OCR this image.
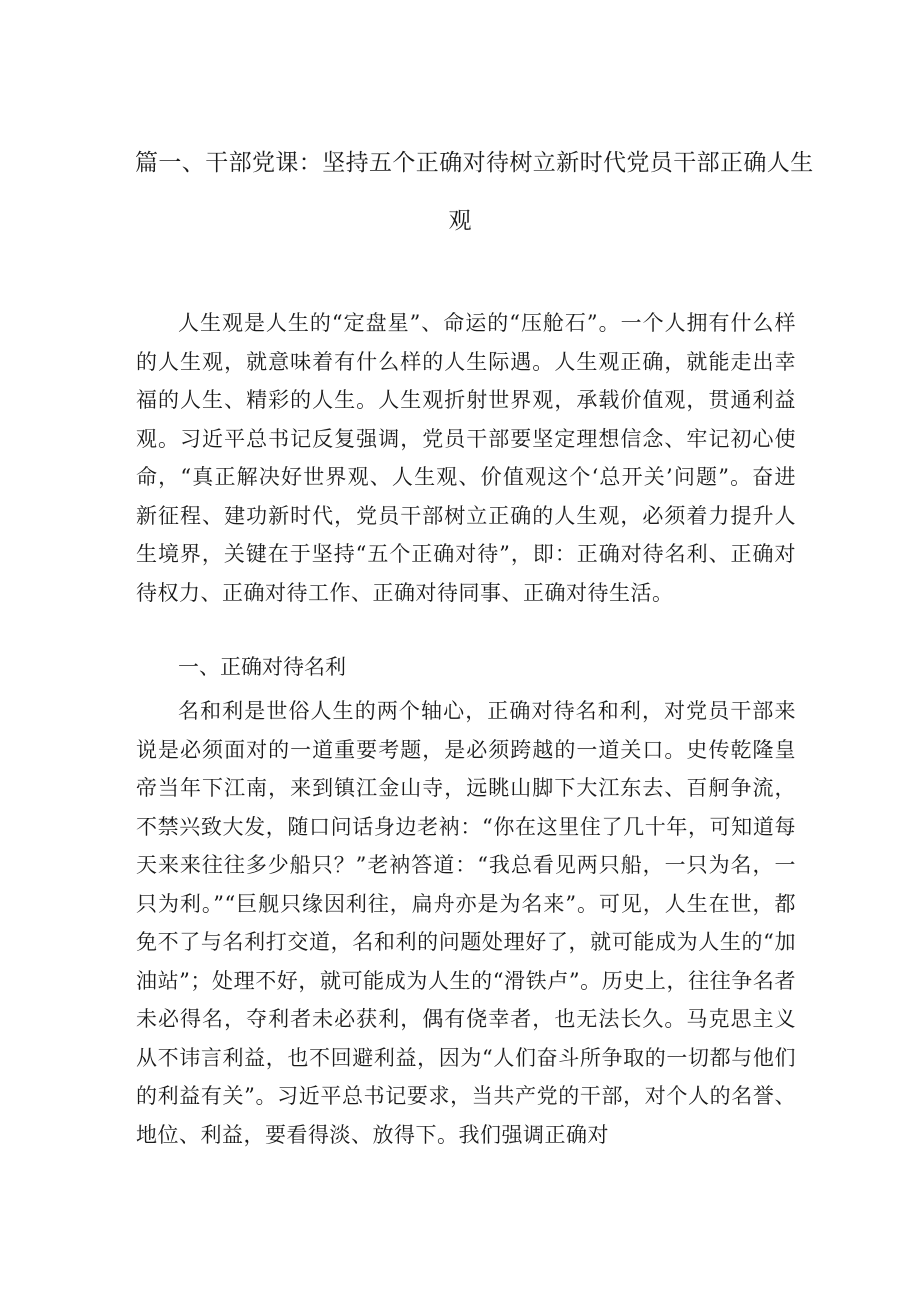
篇一、干部党课：坚持五个正确对待树立新时代党员干部正确人生
观

人生观是人生的“定盘星”、命运的“压舱石”。一个人拥有什么样的人生观，就意味着有什么样的人生际遇。人生观正确，就能走出幸福的人生、精彩的人生。人生观折射世界观，承载价值观，贯通利益观。习近平总书记反复强调，党员干部要坚定理想信念、牢记初心使命，“真正解决好世界观、人生观、价值观这个‘总开关’问题”。奋进新征程、建功新时代，党员干部树立正确的人生观，必须着力提升人生境界，关键在于坚持“五个正确对待”，即：正确对待名利、正确对待权力、正确对待工作、正确对待同事、正确对待生活。

一、正确对待名利

名和利是世俗人生的两个轴心，正确对待名和利，对党员干部来说是必须面对的一道重要考题，是必须跨越的一道关口。史传乾隆皇帝当年下江南，来到镇江金山寺，远眺山脚下大江东去、百舸争流，不禁兴致大发，随口问话身边老衲：“你在这里住了几十年，可知道每天来来往往多少船只？”老衲答道：“我总看见两只船，一只为名，一只为利。”“巨舰只缘因利往，扁舟亦是为名来”。可见，人生在世，都免不了与名利打交道，名和利的问题处理好了，就可能成为人生的“加油站”；处理不好，就可能成为人生的“滑铁卢”。历史上，往往争名者未必得名，夺利者未必获利，偶有侥幸者，也无法长久。马克思主义从不讳言利益，也不回避利益，因为“人们奋斗所争取的一切都与他们的利益有关”。习近平总书记要求，当共产党的干部，对个人的名誉、地位、利益，要看得淡、放得下。我们强调正确对
